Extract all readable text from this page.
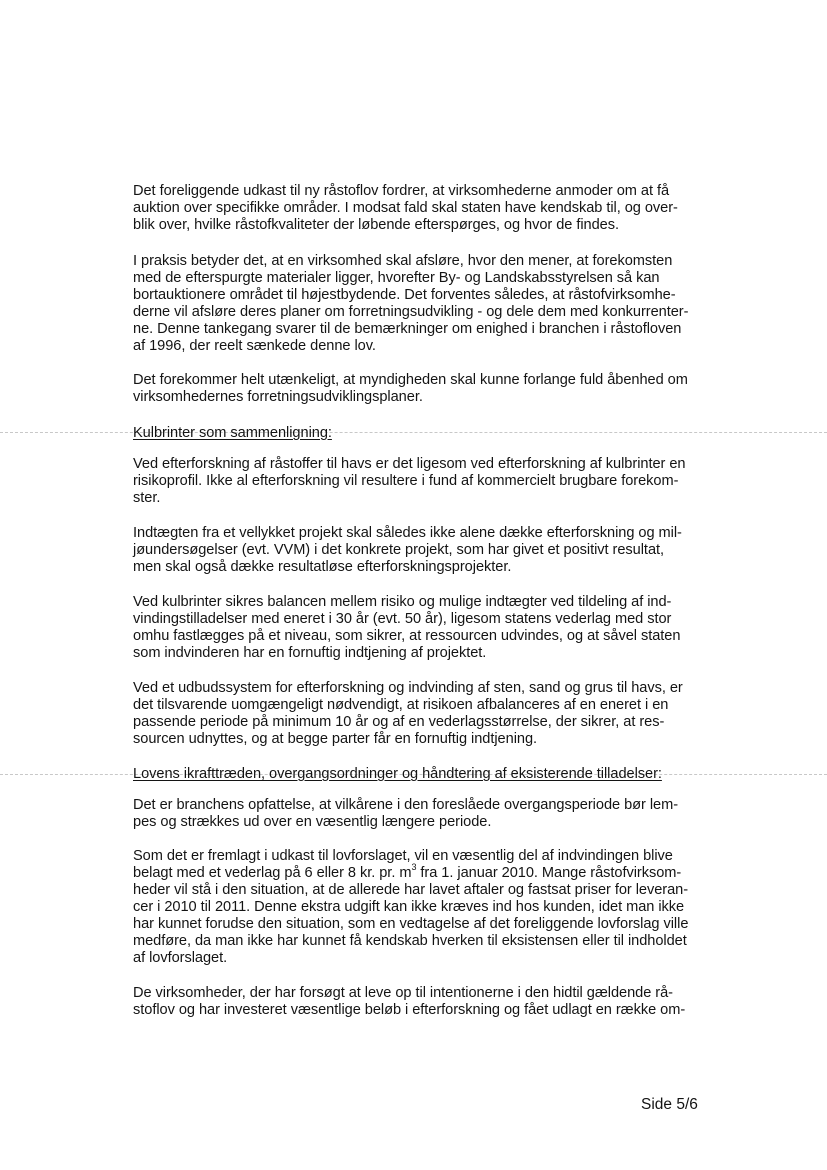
Det foreliggende udkast til ny råstoflov fordrer, at virksomhederne anmoder om at få
auktion over specifikke områder. I modsat fald skal staten have kendskab til, og over-
blik over, hvilke råstofkvaliteter der løbende efterspørges, og hvor de findes.
I praksis betyder det, at en virksomhed skal afsløre, hvor den mener, at forekomsten
med de efterspurgte materialer ligger, hvorefter By- og Landskabsstyrelsen så kan
bortauktionere området til højestbydende. Det forventes således, at råstofvirksomhe-
derne vil afsløre deres planer om forretningsudvikling - og dele dem med konkurrenter-
ne. Denne tankegang svarer til de bemærkninger om enighed i branchen i råstofloven
af 1996, der reelt sænkede denne lov.
Det forekommer helt utænkeligt, at myndigheden skal kunne forlange fuld åbenhed om
virksomhedernes forretningsudviklingsplaner.
Kulbrinter som sammenligning:
Ved efterforskning af råstoffer til havs er det ligesom ved efterforskning af kulbrinter en
risikoprofil. Ikke al efterforskning vil resultere i fund af kommercielt brugbare forekom-
ster.
Indtægten fra et vellykket projekt skal således ikke alene dække efterforskning og mil-
jøundersøgelser (evt. VVM) i det konkrete projekt, som har givet et positivt resultat,
men skal også dække resultatløse efterforskningsprojekter.
Ved kulbrinter sikres balancen mellem risiko og mulige indtægter ved tildeling af ind-
vindingstilladelser med eneret i 30 år (evt. 50 år), ligesom statens vederlag med stor
omhu fastlægges på et niveau, som sikrer, at ressourcen udvindes, og at såvel staten
som indvinderen har en fornuftig indtjening af projektet.
Ved et udbudssystem for efterforskning og indvinding af sten, sand og grus til havs, er
det tilsvarende uomgængeligt nødvendigt, at risikoen afbalanceres af en eneret i en
passende periode på minimum 10 år og af en vederlagsstørrelse, der sikrer, at res-
sourcen udnyttes, og at begge parter får en fornuftig indtjening.
Lovens ikrafttræden, overgangsordninger og håndtering af eksisterende tilladelser:
Det er branchens opfattelse, at vilkårene i den foreslåede overgangsperiode bør lem-
pes og strækkes ud over en væsentlig længere periode.
Som det er fremlagt i udkast til lovforslaget, vil en væsentlig del af indvindingen blive
belagt med et vederlag på 6 eller 8 kr. pr. $m^3$ fra 1. januar 2010. Mange råstofvirksom-
heder vil stå i den situation, at de allerede har lavet aftaler og fastsat priser for leveran-
cer i 2010 til 2011. Denne ekstra udgift kan ikke kræves ind hos kunden, idet man ikke
har kunnet forudse den situation, som en vedtagelse af det foreliggende lovforslag ville
medføre, da man ikke har kunnet få kendskab hverken til eksistensen eller til indholdet
af lovforslaget.
De virksomheder, der har forsøgt at leve op til intentionerne i den hidtil gældende rå-
stoflov og har investeret væsentlige beløb i efterforskning og fået udlagt en række om-
Side 5/6
